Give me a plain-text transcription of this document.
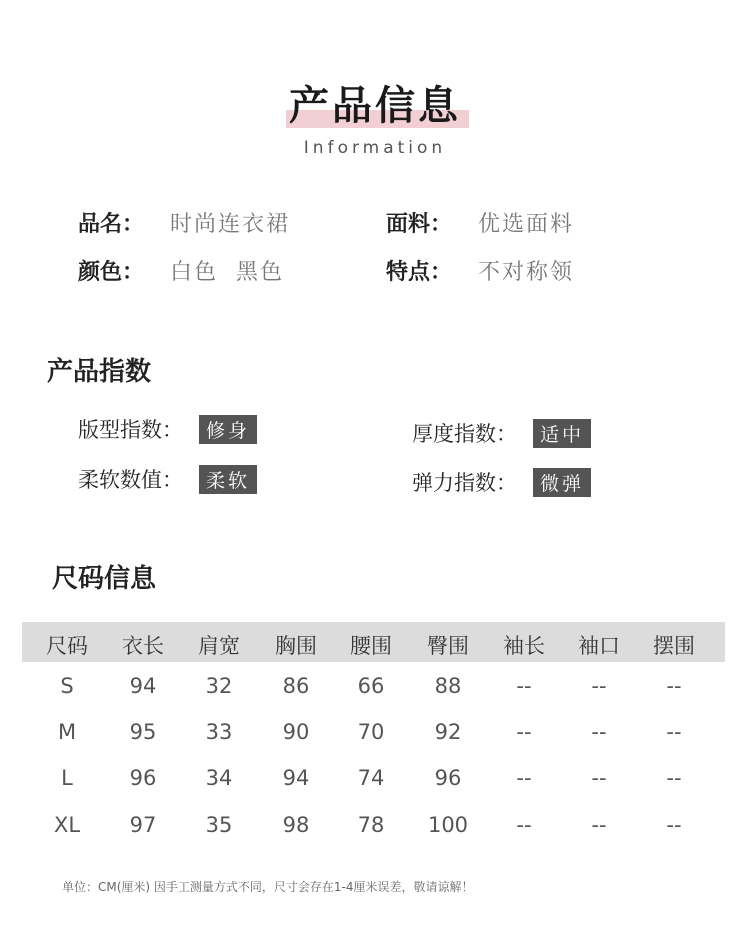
产品信息
Information
品名： 时尚连衣裙	面料： 优选面料
颜色： 白色  黑色	特点： 不对称领
产品指数
版型指数：	修身	厚度指数：	适中
柔软数值：	柔软	弹力指数：	微弹
尺码信息
尺码	衣长	肩宽	胸围	腰围	臀围	袖长	袖口	摆围
S	94	32	86	66	88	--	--	--
M	95	33	90	70	92	--	--	--
L	96	34	94	74	96	--	--	--
XL	97	35	98	78	100	--	--	--
单位：CM(厘米) 因手工测量方式不同，尺寸会存在1-4厘米误差，敬请谅解！
